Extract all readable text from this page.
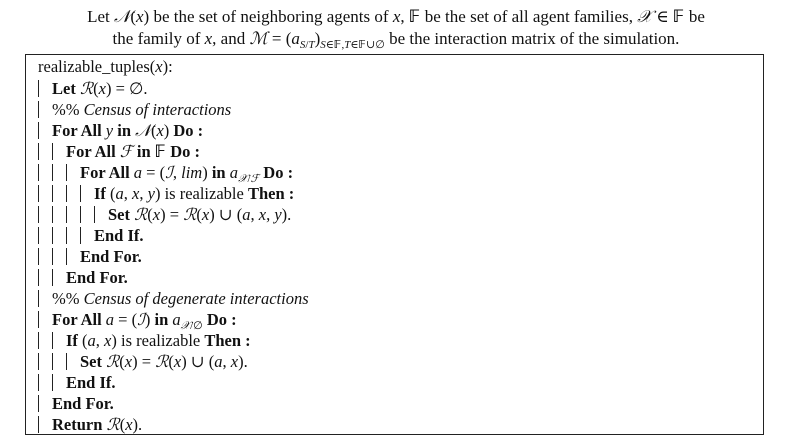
Let 𝒩(x) be the set of neighboring agents of x, 𝔽 be the set of all agent families, 𝒳 ∈ 𝔽 be

the family of x, and ℳ = $(a_{S/T})_{S\in 𝔽,T\in 𝔽\cup\emptyset}$ be the interaction matrix of the simulation.

realizable_tuples(x):
Let ℛ(x) = ∅.
%% Census of interactions
For All y in 𝒩(x) Do :
For All ℱ in 𝔽 Do :
For All a = (ℐ, lim) in $a_{𝒳/ℱ}$ Do :
If (a, x, y) is realizable Then :
Set ℛ(x) = ℛ(x) ∪ (a, x, y).
End If.
End For.
End For.
%% Census of degenerate interactions
For All a = (ℐ) in $a_{𝒳/\emptyset}$ Do :
If (a, x) is realizable Then :
Set ℛ(x) = ℛ(x) ∪ (a, x).
End If.
End For.
Return ℛ(x).
